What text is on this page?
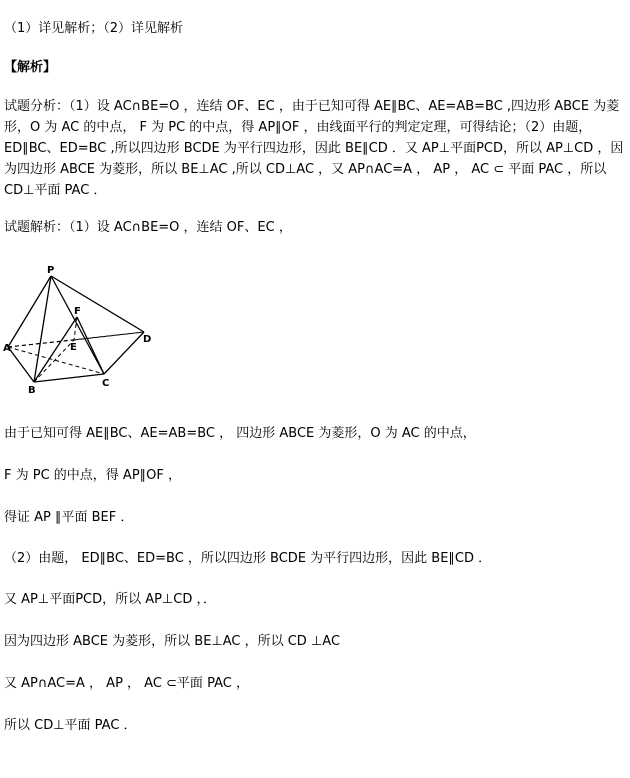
（1）详见解析；（2）详见解析
【解析】
试题分析：（1）设 AC∩BE=O ，连结 OF、EC ，由于已知可得 AE∥BC、AE=AB=BC ,四边形 ABCE 为菱形，O 为 AC 的中点， F 为 PC 的中点，得 AP∥OF ，由线面平行的判定定理，可得结论；（2）由题，ED∥BC、ED=BC ,所以四边形 BCDE 为平行四边形，因此 BE∥CD ．又 AP⊥平面PCD，所以 AP⊥CD ，因为四边形 ABCE 为菱形，所以 BE⊥AC ,所以 CD⊥AC ，又 AP∩AC=A ， AP ， AC ⊂ 平面 PAC ，所以 CD⊥平面 PAC ．
试题解析：（1）设 AC∩BE=O ，连结 OF、EC ，
P
F
E
A
D
B
C
由于已知可得 AE∥BC、AE=AB=BC ， 四边形 ABCE 为菱形，O 为 AC 的中点，
F 为 PC 的中点，得 AP∥OF ，
得证 AP ∥平面 BEF ．
（2）由题， ED∥BC、ED=BC ，所以四边形 BCDE 为平行四边形，因此 BE∥CD ．
又 AP⊥平面PCD，所以 AP⊥CD ，．
因为四边形 ABCE 为菱形，所以 BE⊥AC ，所以 CD ⊥AC
又 AP∩AC=A ， AP ， AC ⊂平面 PAC ，
所以 CD⊥平面 PAC ．
